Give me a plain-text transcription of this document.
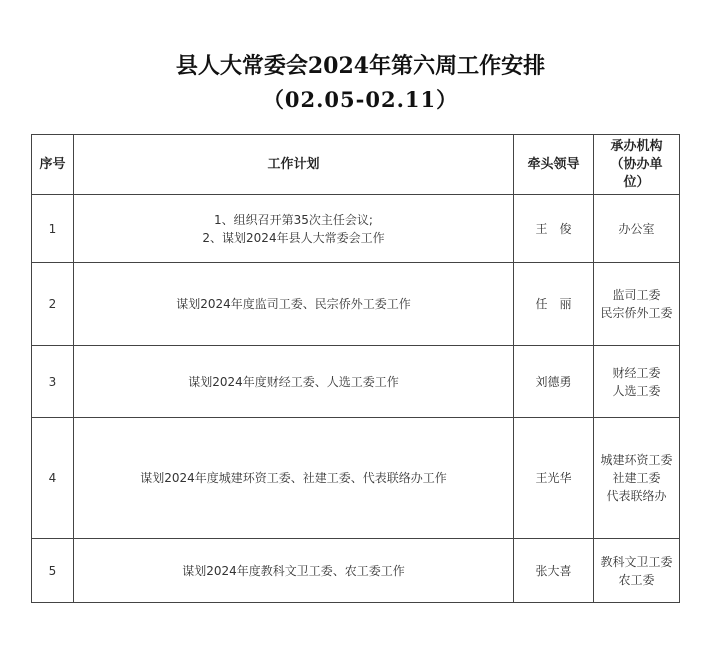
县人大常委会2024年第六周工作安排
（02.05-02.11）
序号	工作计划	牵头领导	承办机构
（协办单
位）

1	1、组织召开第35次主任会议;
2、谋划2024年县人大常委会工作	王　俊	办公室

2	谋划2024年度监司工委、民宗侨外工委工作	任　丽	监司工委
民宗侨外工委

3	谋划2024年度财经工委、人选工委工作	刘德勇	财经工委
人选工委

4	谋划2024年度城建环资工委、社建工委、代表联络办工作	王光华	城建环资工委
社建工委
代表联络办

5	谋划2024年度教科文卫工委、农工委工作	张大喜	教科文卫工委
农工委
